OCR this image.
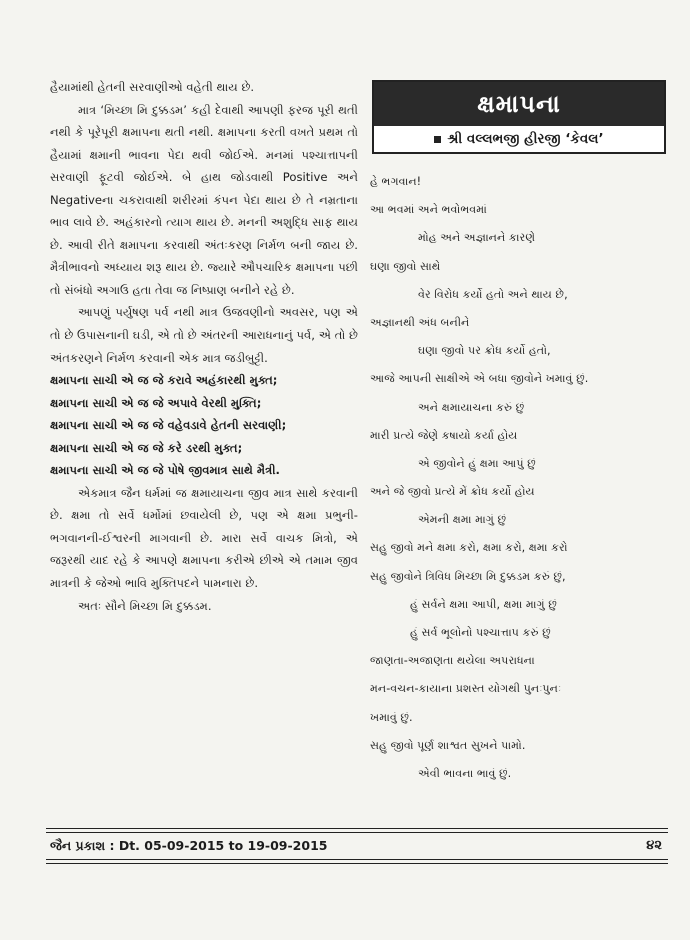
હૈયામાંથી હેતની સરવાણીઓ વહેતી થાય છે.

માત્ર ‘મિચ્છા મિ દુક્કડમ’ કહી દેવાથી આપણી ફરજ પૂરી થતી નથી કે પૂરેપૂરી ક્ષમાપના થતી નથી. ક્ષમાપના કરતી વખતે પ્રથમ તો હૈયામાં ક્ષમાની ભાવના પેદા થવી જોઈએ. મનમાં પશ્ચાત્તાપની સરવાણી ફૂટવી જોઈએ. બે હાથ જોડવાથી Positive અને Negativeના ચકરાવાથી શરીરમાં કંપન પેદા થાય છે તે નમ્રતાના ભાવ લાવે છે. અહંકારનો ત્યાગ થાય છે. મનની અશુદ્ધિ સાફ થાય છે. આવી રીતે ક્ષમાપના કરવાથી અંતઃકરણ નિર્મળ બની જાય છે. મૈત્રીભાવનો અધ્યાય શરૂ થાય છે. જ્યારે ઔપચારિક ક્ષમાપના પછી તો સંબંધો અગાઉ હતા તેવા જ નિષ્પ્રાણ બનીને રહે છે.

આપણું પર્યુષણ પર્વ નથી માત્ર ઉજવણીનો અવસર, પણ એ તો છે ઉપાસનાની ઘડી, એ તો છે અંતરની આરાધનાનું પર્વ, એ તો છે અંતકરણને નિર્મળ કરવાની એક માત્ર જડીબુટ્ટી.

ક્ષમાપના સાચી એ જ જે કરાવે અહંકારથી મુક્ત;
ક્ષમાપના સાચી એ જ જે અપાવે વેરથી મુક્તિ;
ક્ષમાપના સાચી એ જ જે વહેવડાવે હેતની સરવાણી;
ક્ષમાપના સાચી એ જ જે કરે ડરથી મુક્ત;
ક્ષમાપના સાચી એ જ જે પોષે જીવમાત્ર સાથે મૈત્રી.

એકમાત્ર જૈન ધર્મમાં જ ક્ષમાયાચના જીવ માત્ર સાથે કરવાની છે. ક્ષમા તો સર્વે ધર્મોમાં છવાયેલી છે, પણ એ ક્ષમા પ્રભુની-ભગવાનની-ઈશ્વરની માગવાની છે. મારા સર્વે વાચક મિત્રો, એ જરૂરથી યાદ રહે કે આપણે ક્ષમાપના કરીએ છીએ એ તમામ જીવ માત્રની કે જેઓ ભાવિ મુક્તિપદને પામનારા છે.

અતઃ સૌને મિચ્છા મિ દુક્કડમ.
ક્ષમાપના
શ્રી વલ્લભજી હીરજી ‘કેવલ’
હે ભગવાન!
આ ભવમાં અને ભવોભવમાં
મોહ અને અજ્ઞાનને કારણે
ઘણા જીવો સાથે
વેર વિરોધ કર્યો હતો અને થાય છે,
અજ્ઞાનથી અંધ બનીને
ઘણા જીવો પર ક્રોધ કર્યો હતો,
આજે આપની સાક્ષીએ એ બધા જીવોને ખમાવું છું.
અને ક્ષમાયાચના કરું છું
મારી પ્રત્યે જેણે કષાયો કર્યા હોય
એ જીવોને હું ક્ષમા આપું છું
અને જે જીવો પ્રત્યે મેં ક્રોધ કર્યો હોય
એમની ક્ષમા માગું છું
સહુ જીવો મને ક્ષમા કરો, ક્ષમા કરો, ક્ષમા કરો
સહુ જીવોને ત્રિવિધ મિચ્છા મિ દુક્કડમ કરું છું,
હું સર્વને ક્ષમા આપી, ક્ષમા માગું છું
હું સર્વ ભૂલોનો પશ્ચાત્તાપ કરું છું
જાણતા-અજાણતા થયેલા અપરાધના
મન-વચન-કાયાના પ્રશસ્ત યોગથી પુનઃપુનઃ
ખમાવું છું.
સહુ જીવો પૂર્ણ શાશ્વત સુખને પામો.
એવી ભાવના ભાવું છું.
જૈન પ્રકાશ : Dt. 05-09-2015 to 19-09-2015	૪૨
